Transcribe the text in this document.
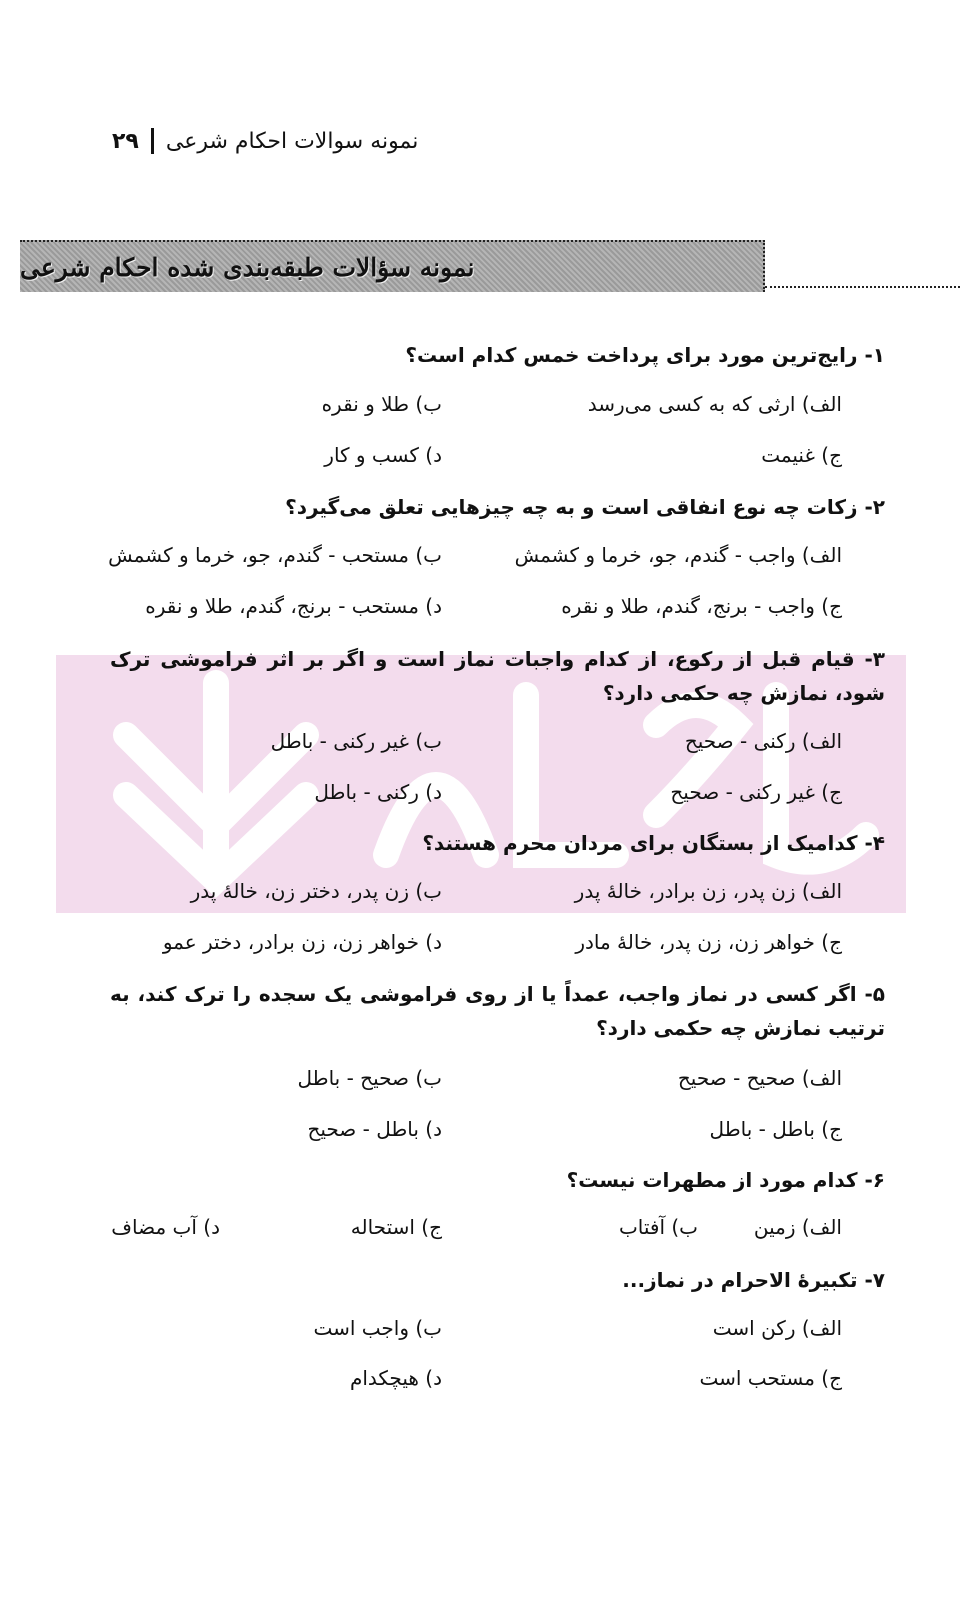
۲۹ نمونه سوالات احکام شرعی
نمونه سؤالات طبقه‌بندی شده احکام شرعی
۱- رایج‌ترین مورد برای پرداخت خمس کدام است؟
الف) ارثی که به کسی می‌رسد
ب) طلا و نقره
ج) غنیمت
د) کسب و کار
۲- زکات چه نوع انفاقی است و به چه چیزهایی تعلق می‌گیرد؟
الف) واجب - گندم، جو، خرما و کشمش
ب) مستحب - گندم، جو، خرما و کشمش
ج) واجب - برنج، گندم، طلا و نقره
د) مستحب - برنج، گندم، طلا و نقره
۳- قیام قبل از رکوع، از کدام واجبات نماز است و اگر بر اثر فراموشی ترک شود، نمازش چه حکمی دارد؟
الف) رکنی - صحیح
ب) غیر رکنی - باطل
ج) غیر رکنی - صحیح
د) رکنی - باطل
۴- کدامیک از بستگان برای مردان محرم هستند؟
الف) زن پدر، زن برادر، خالهٔ پدر
ب) زن پدر، دختر زن، خالهٔ پدر
ج) خواهر زن، زن پدر، خالهٔ مادر
د) خواهر زن، زن برادر، دختر عمو
۵- اگر کسی در نماز واجب، عمداً یا از روی فراموشی یک سجده را ترک کند، به ترتیب نمازش چه حکمی دارد؟
الف) صحیح - صحیح
ب) صحیح - باطل
ج) باطل - باطل
د) باطل - صحیح
۶- کدام مورد از مطهرات نیست؟
الف) زمین
ب) آفتاب
ج) استحاله
د) آب مضاف
۷- تکبیرهٔ الاحرام در نماز...
الف) رکن است
ب) واجب است
ج) مستحب است
د) هیچکدام
